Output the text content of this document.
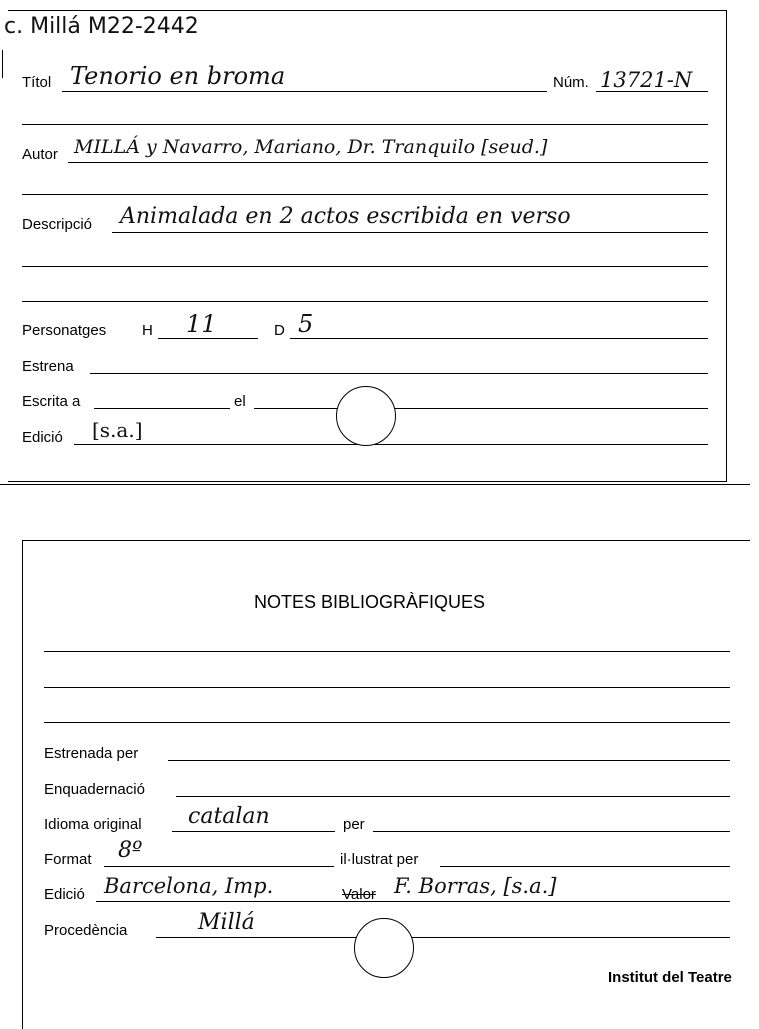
c. Millá M22-2442
Títol Tenorio en broma	Núm. 13721-N
Autor MILLÁ y Navarro, Mariano, Dr. Tranquilo [seud.]
Descripció Animalada en 2 actos escribida en verso
Personatges H 11	D 5
Estrena
Escrita a	el
Edició [s.a.]
NOTES BIBLIOGRÀFIQUES
Estrenada per
Enquadernació
Idioma original catalan	per
Format 8º	il·lustrat per
Edició Barcelona, Imp.	Valor F. Borras, [s.a.]
Procedència	Millá
Institut del Teatre
